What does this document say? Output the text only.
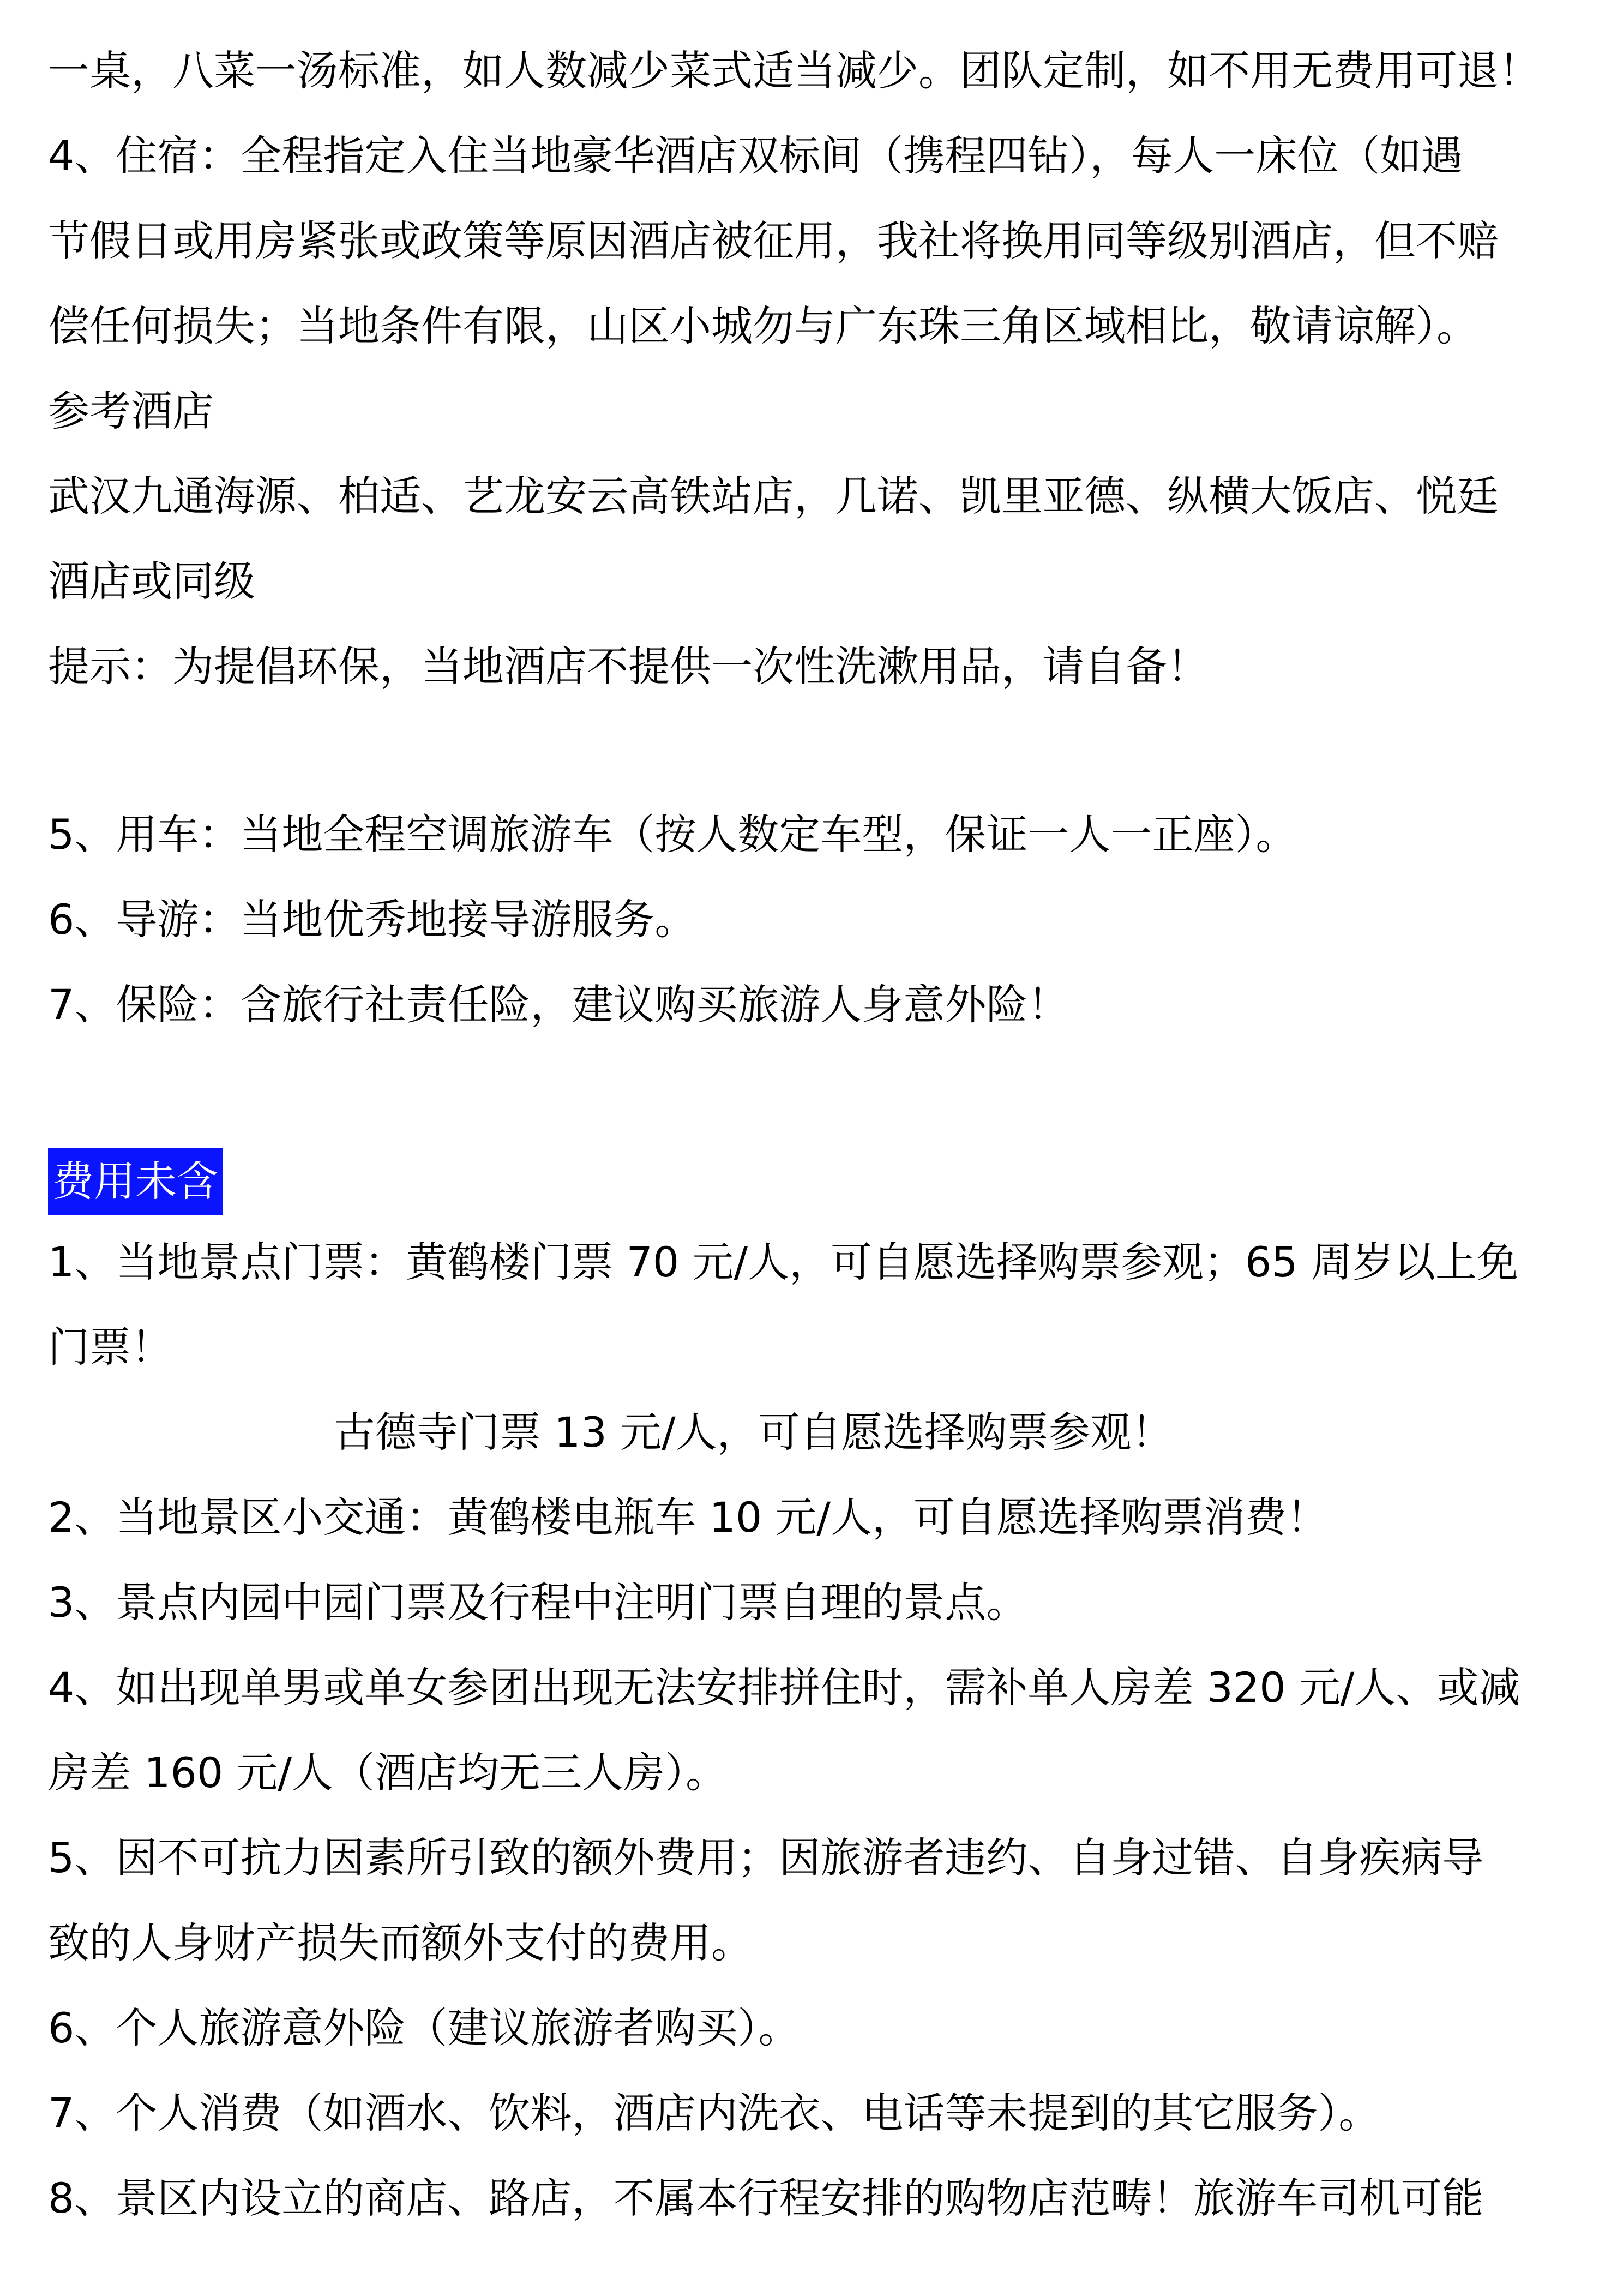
一桌，八菜一汤标准，如人数减少菜式适当减少。团队定制，如不用无费用可退！
4、住宿：全程指定入住当地豪华酒店双标间（携程四钻），每人一床位（如遇
节假日或用房紧张或政策等原因酒店被征用，我社将换用同等级别酒店，但不赔
偿任何损失；当地条件有限，山区小城勿与广东珠三角区域相比，敬请谅解）。
参考酒店
武汉九通海源、柏适、艺龙安云高铁站店，几诺、凯里亚德、纵横大饭店、悦廷
酒店或同级
提示：为提倡环保，当地酒店不提供一次性洗漱用品，请自备！
5、用车：当地全程空调旅游车（按人数定车型，保证一人一正座）。
6、导游：当地优秀地接导游服务。
7、保险：含旅行社责任险，建议购买旅游人身意外险！
费用未含
1、当地景点门票：黄鹤楼门票 70 元/人，可自愿选择购票参观；65 周岁以上免
门票！
古德寺门票 13 元/人，可自愿选择购票参观！
2、当地景区小交通：黄鹤楼电瓶车 10 元/人，可自愿选择购票消费！
3、景点内园中园门票及行程中注明门票自理的景点。
4、如出现单男或单女参团出现无法安排拼住时，需补单人房差 320 元/人、或减
房差 160 元/人（酒店均无三人房）。
5、因不可抗力因素所引致的额外费用；因旅游者违约、自身过错、自身疾病导
致的人身财产损失而额外支付的费用。
6、个人旅游意外险（建议旅游者购买）。
7、个人消费（如酒水、饮料，酒店内洗衣、电话等未提到的其它服务）。
8、景区内设立的商店、路店，不属本行程安排的购物店范畴！旅游车司机可能
